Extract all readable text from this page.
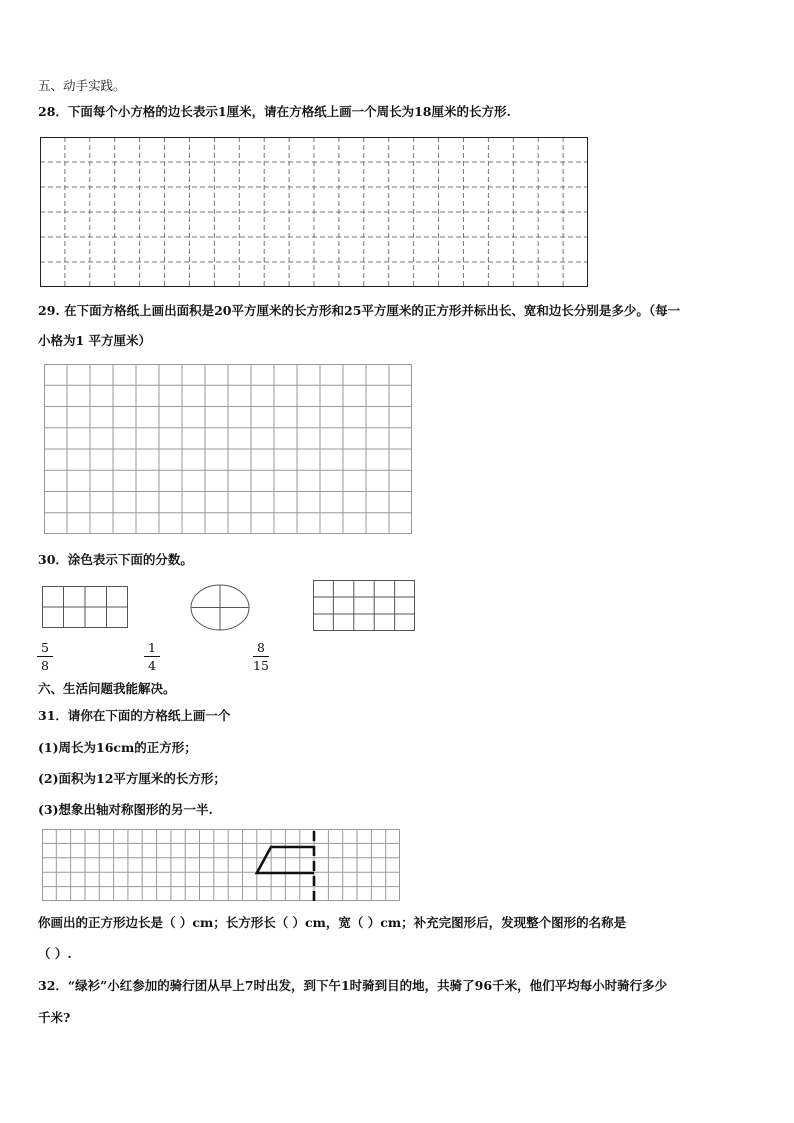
五、动手实践。
28．下面每个小方格的边长表示1厘米，请在方格纸上画一个周长为18厘米的长方形.
29. 在下面方格纸上画出面积是20平方厘米的长方形和25平方厘米的正方形并标出长、宽和边长分别是多少。（每一
小格为1 平方厘米）
30．涂色表示下面的分数。
5
8
1
4
8
15
六、生活问题我能解决。
31．请你在下面的方格纸上画一个
(1)周长为16cm的正方形；
(2)面积为12平方厘米的长方形；
(3)想象出轴对称图形的另一半.
你画出的正方形边长是（ ）cm；长方形长（ ）cm，宽（ ）cm；补充完图形后，发现整个图形的名称是
（ ）.
32．“绿衫”小红参加的骑行团从早上7时出发，到下午1时骑到目的地，共骑了96千米，他们平均每小时骑行多少
千米?
